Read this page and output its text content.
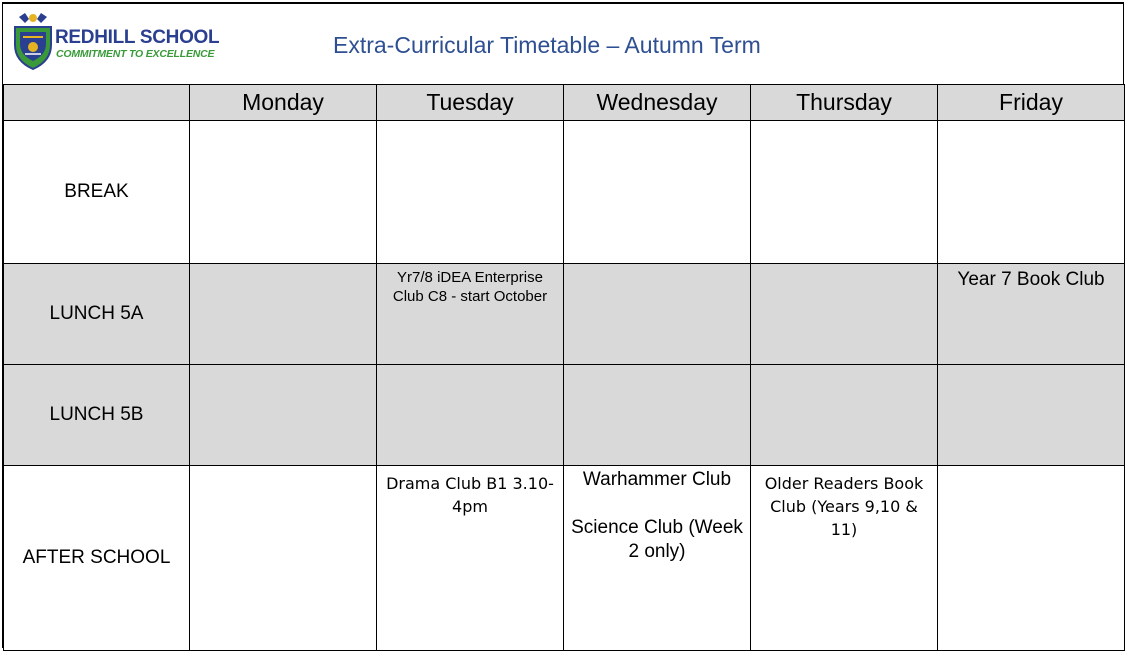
REDHILL SCHOOL
COMMITMENT TO EXCELLENCE	Extra-Curricular Timetable – Autumn Term
	Monday	Tuesday	Wednesday	Thursday	Friday
BREAK					
LUNCH 5A		Yr7/8 iDEA Enterprise Club C8 - start October			Year 7 Book Club

LUNCH 5B					
AFTER SCHOOL		Drama Club B1 3.10-4pm	Warhammer Club
Science Club (Week 2 only)	Older Readers Book Club (Years 9,10 & 11)	
